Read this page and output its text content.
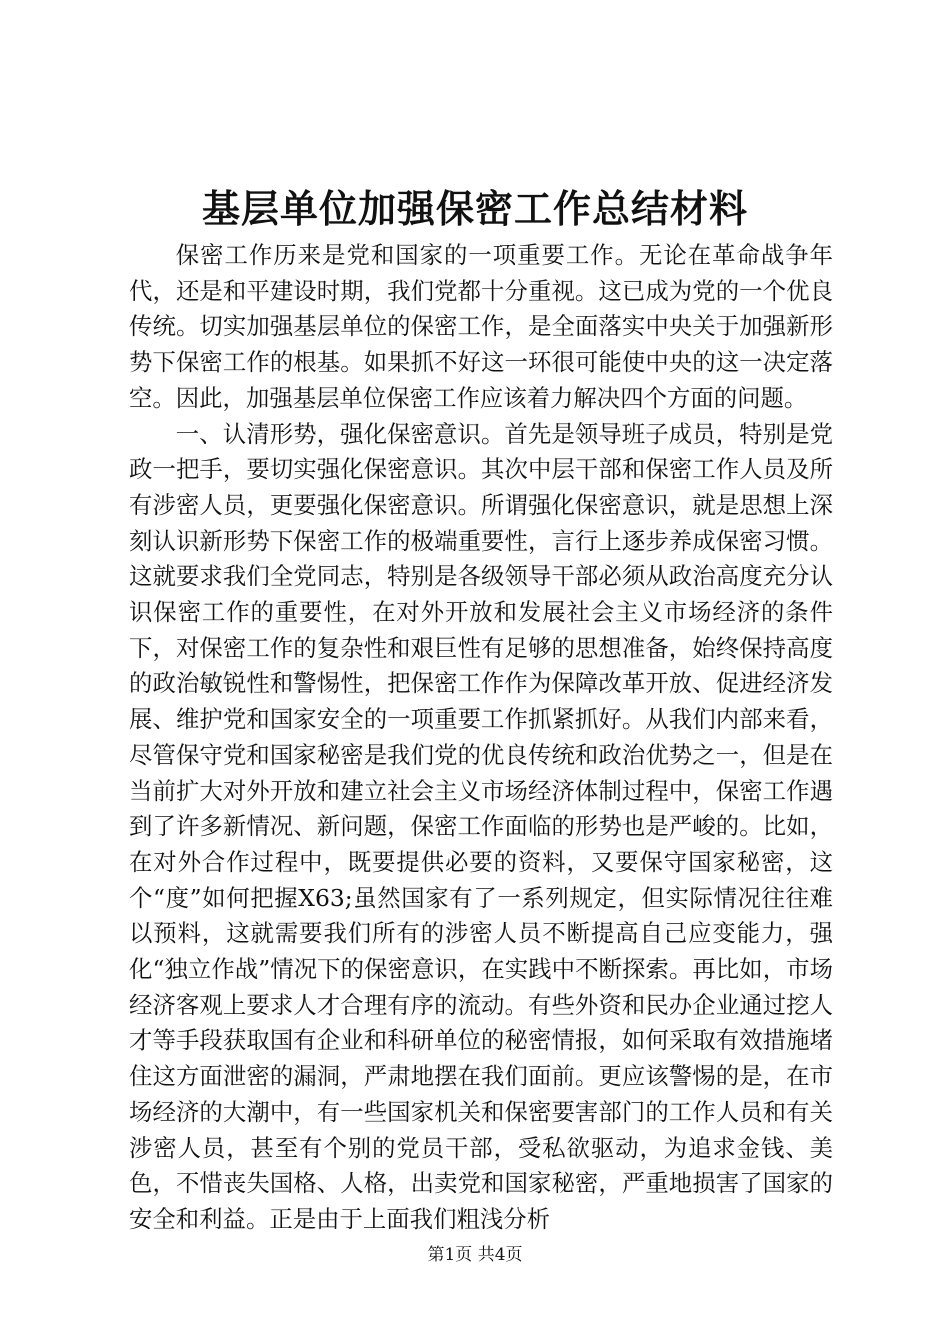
基层单位加强保密工作总结材料

保密工作历来是党和国家的一项重要工作。无论在革命战争年代，还是和平建设时期，我们党都十分重视。这已成为党的一个优良传统。切实加强基层单位的保密工作，是全面落实中央关于加强新形势下保密工作的根基。如果抓不好这一环很可能使中央的这一决定落空。因此，加强基层单位保密工作应该着力解决四个方面的问题。

一、认清形势，强化保密意识。首先是领导班子成员，特别是党政一把手，要切实强化保密意识。其次中层干部和保密工作人员及所有涉密人员，更要强化保密意识。所谓强化保密意识，就是思想上深刻认识新形势下保密工作的极端重要性，言行上逐步养成保密习惯。这就要求我们全党同志，特别是各级领导干部必须从政治高度充分认识保密工作的重要性，在对外开放和发展社会主义市场经济的条件下，对保密工作的复杂性和艰巨性有足够的思想准备，始终保持高度的政治敏锐性和警惕性，把保密工作作为保障改革开放、促进经济发展、维护党和国家安全的一项重要工作抓紧抓好。从我们内部来看，尽管保守党和国家秘密是我们党的优良传统和政治优势之一，但是在当前扩大对外开放和建立社会主义市场经济体制过程中，保密工作遇到了许多新情况、新问题，保密工作面临的形势也是严峻的。比如，在对外合作过程中，既要提供必要的资料，又要保守国家秘密，这个“度”如何把握X63;虽然国家有了一系列规定，但实际情况往往难以预料，这就需要我们所有的涉密人员不断提高自己应变能力，强化“独立作战”情况下的保密意识，在实践中不断探索。再比如，市场经济客观上要求人才合理有序的流动。有些外资和民办企业通过挖人才等手段获取国有企业和科研单位的秘密情报，如何采取有效措施堵住这方面泄密的漏洞，严肃地摆在我们面前。更应该警惕的是，在市场经济的大潮中，有一些国家机关和保密要害部门的工作人员和有关涉密人员，甚至有个别的党员干部，受私欲驱动，为追求金钱、美色，不惜丧失国格、人格，出卖党和国家秘密，严重地损害了国家的安全和利益。正是由于上面我们粗浅分析

第1页 共4页
